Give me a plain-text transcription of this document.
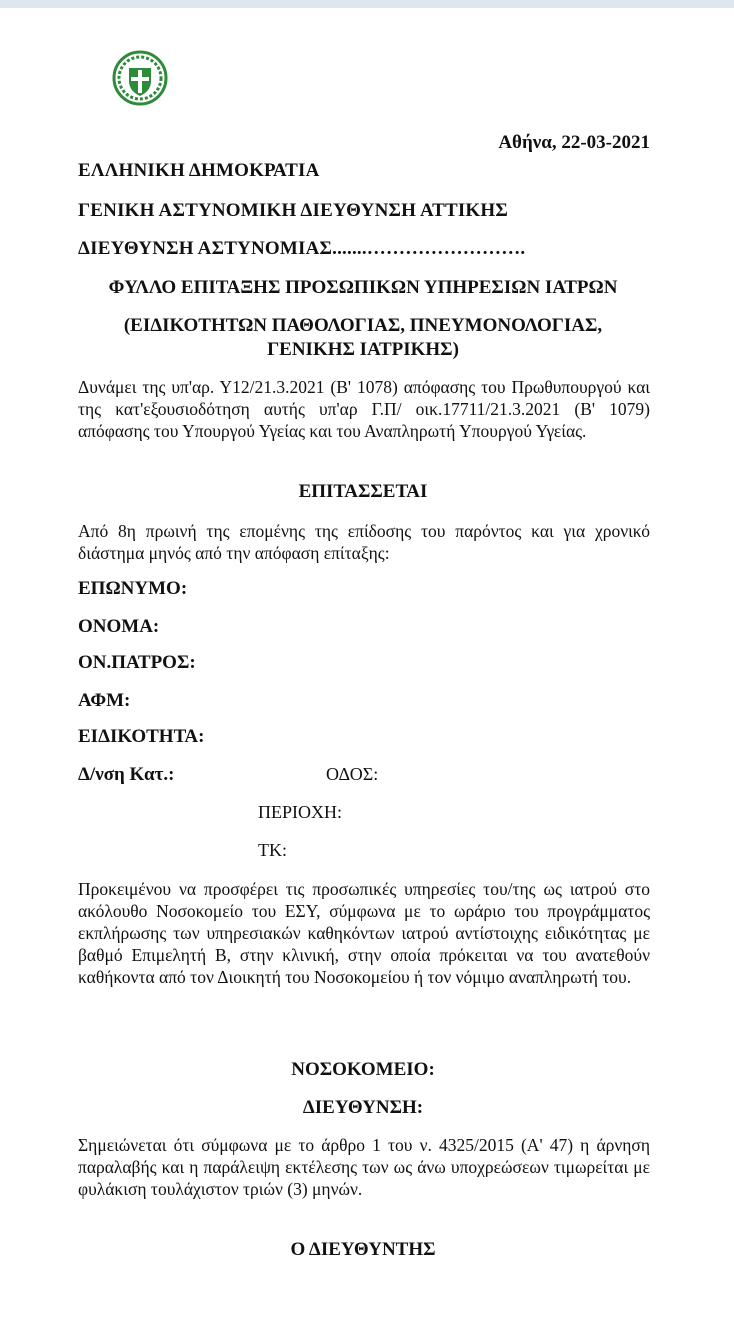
Αθήνα, 22-03-2021
ΕΛΛΗΝΙΚΗ ΔΗΜΟΚΡΑΤΙΑ
ΓΕΝΙΚΗ ΑΣΤΥΝΟΜΙΚΗ ΔΙΕΥΘΥΝΣΗ ΑΤΤΙΚΗΣ
ΔΙΕΥΘΥΝΣΗ ΑΣΤΥΝΟΜΙΑΣ.......…………………….
ΦΥΛΛΟ ΕΠΙΤΑΞΗΣ ΠΡΟΣΩΠΙΚΩΝ ΥΠΗΡΕΣΙΩΝ ΙΑΤΡΩΝ
(ΕΙΔΙΚΟΤΗΤΩΝ ΠΑΘΟΛΟΓΙΑΣ, ΠΝΕΥΜΟΝΟΛΟΓΙΑΣ,
ΓΕΝΙΚΗΣ ΙΑΤΡΙΚΗΣ)
Δυνάμει της υπ'αρ. Υ12/21.3.2021 (Β' 1078) απόφασης του Πρωθυπουργού και της κατ'εξουσιοδότηση αυτής υπ'αρ Γ.Π/ οικ.17711/21.3.2021 (Β' 1079) απόφασης του Υπουργού Υγείας και του Αναπληρωτή Υπουργού Υγείας.
ΕΠΙΤΑΣΣΕΤΑΙ
Από 8η πρωινή της επομένης της επίδοσης του παρόντος και για χρονικό διάστημα μηνός από την απόφαση επίταξης:
ΕΠΩΝΥΜΟ:
ΟΝΟΜΑ:
ΟΝ.ΠΑΤΡΟΣ:
ΑΦΜ:
ΕΙΔΙΚΟΤΗΤΑ:
Δ/νση Κατ.:	ΟΔΟΣ:
ΠΕΡΙΟΧΗ:
ΤΚ:
Προκειμένου να προσφέρει τις προσωπικές υπηρεσίες του/της ως ιατρού στο ακόλουθο Νοσοκομείο του ΕΣΥ, σύμφωνα με το ωράριο του προγράμματος εκπλήρωσης των υπηρεσιακών καθηκόντων ιατρού αντίστοιχης ειδικότητας με βαθμό Επιμελητή Β, στην κλινική, στην οποία πρόκειται να του ανατεθούν καθήκοντα από τον Διοικητή του Νοσοκομείου ή τον νόμιμο αναπληρωτή του.
ΝΟΣΟΚΟΜΕΙΟ:
ΔΙΕΥΘΥΝΣΗ:
Σημειώνεται ότι σύμφωνα με το άρθρο 1 του ν. 4325/2015 (Α' 47) η άρνηση παραλαβής και η παράλειψη εκτέλεσης των ως άνω υποχρεώσεων τιμωρείται με φυλάκιση τουλάχιστον τριών (3) μηνών.
Ο ΔΙΕΥΘΥΝΤΗΣ
